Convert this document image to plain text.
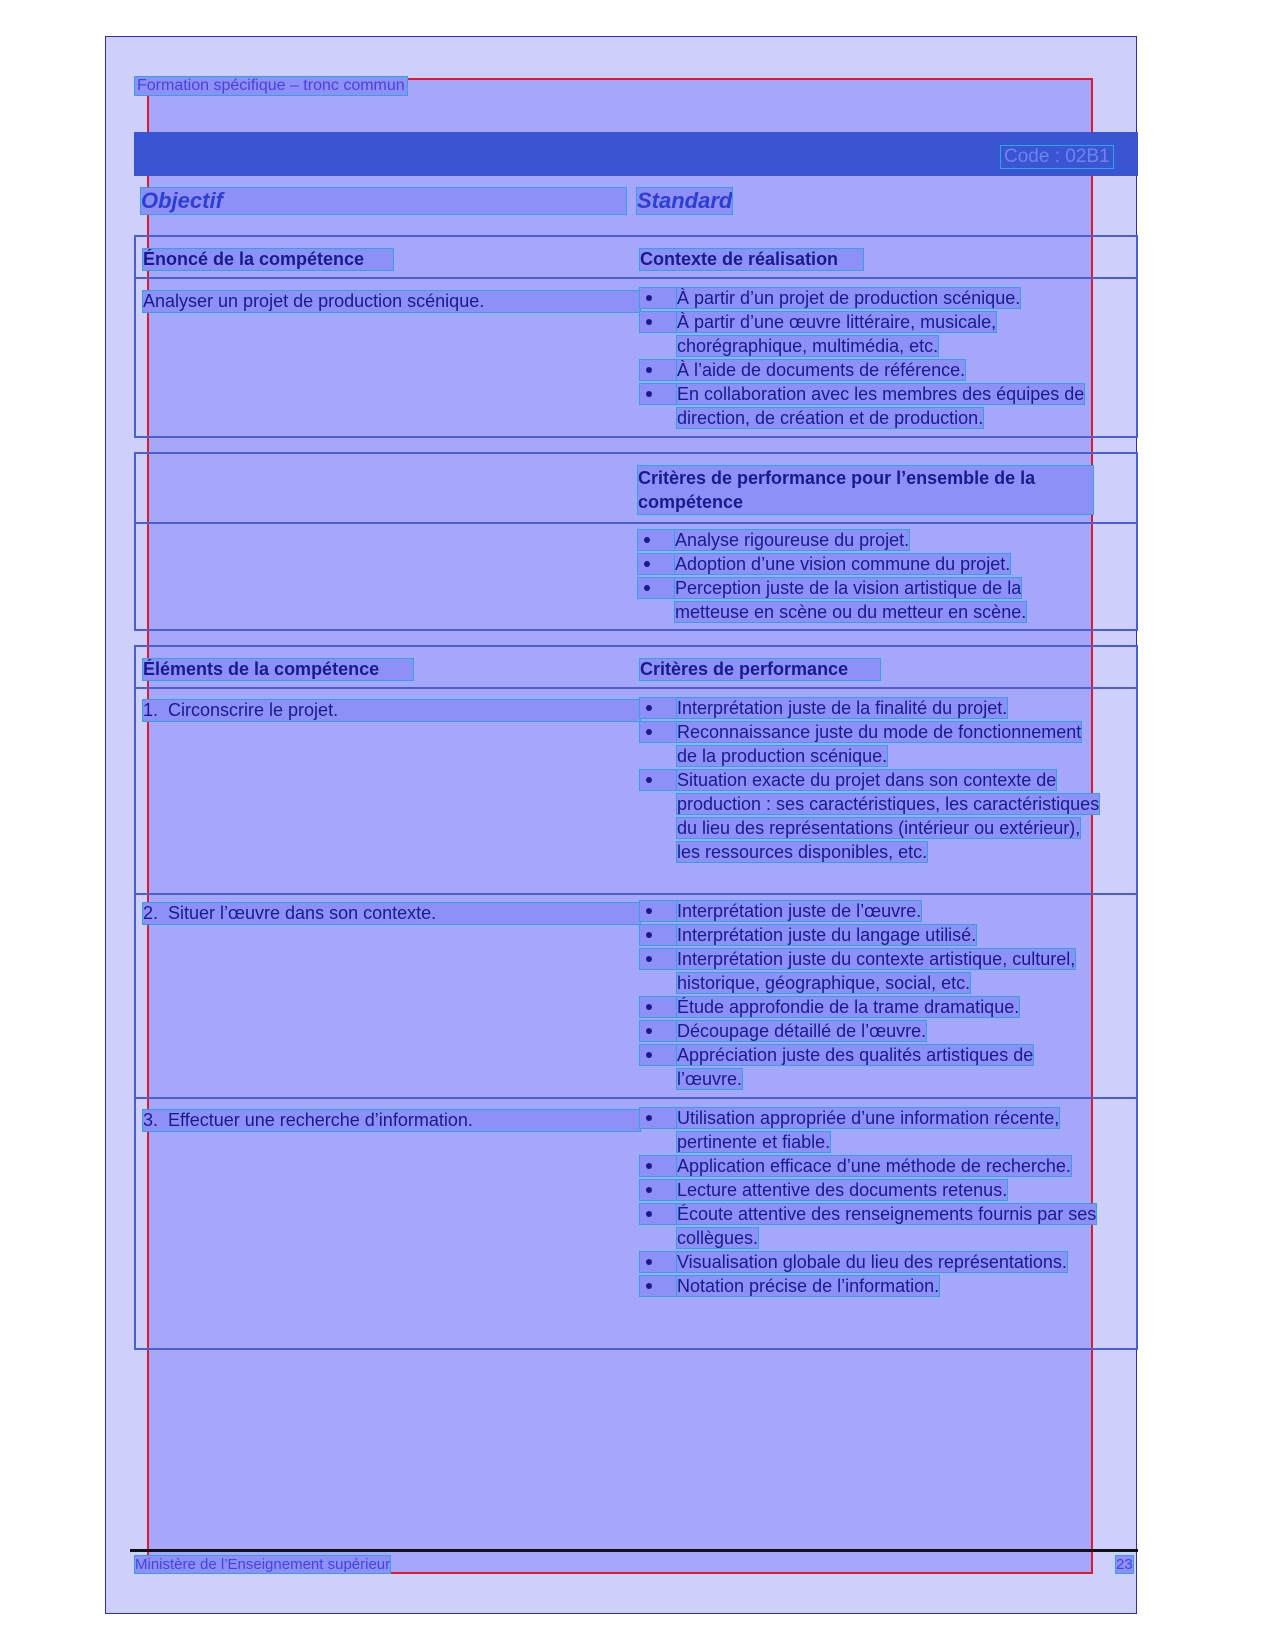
Formation spécifique – tronc commun
Code : 02B1
Objectif	Standard
Énoncé de la compétence	Contexte de réalisation
Analyser un projet de production scénique.	À partir d’un projet de production scénique.
À partir d’une œuvre littéraire, musicale, chorégraphique, multimédia, etc.
À l’aide de documents de référence.
En collaboration avec les membres des équipes de direction, de création et de production.
Critères de performance pour l’ensemble de la compétence
Analyse rigoureuse du projet.
Adoption d’une vision commune du projet.
Perception juste de la vision artistique de la metteuse en scène ou du metteur en scène.
Éléments de la compétence	Critères de performance
1.  Circonscrire le projet.	Interprétation juste de la finalité du projet.
Reconnaissance juste du mode de fonctionnement de la production scénique.
Situation exacte du projet dans son contexte de production : ses caractéristiques, les caractéristiques du lieu des représentations (intérieur ou extérieur), les ressources disponibles, etc.
2.  Situer l’œuvre dans son contexte.	Interprétation juste de l’œuvre.
Interprétation juste du langage utilisé.
Interprétation juste du contexte artistique, culturel, historique, géographique, social, etc.
Étude approfondie de la trame dramatique.
Découpage détaillé de l’œuvre.
Appréciation juste des qualités artistiques de l’œuvre.
3.  Effectuer une recherche d’information.	Utilisation appropriée d’une information récente, pertinente et fiable.
Application efficace d’une méthode de recherche.
Lecture attentive des documents retenus.
Écoute attentive des renseignements fournis par ses collègues.
Visualisation globale du lieu des représentations.
Notation précise de l’information.
Ministère de l’Enseignement supérieur	23
